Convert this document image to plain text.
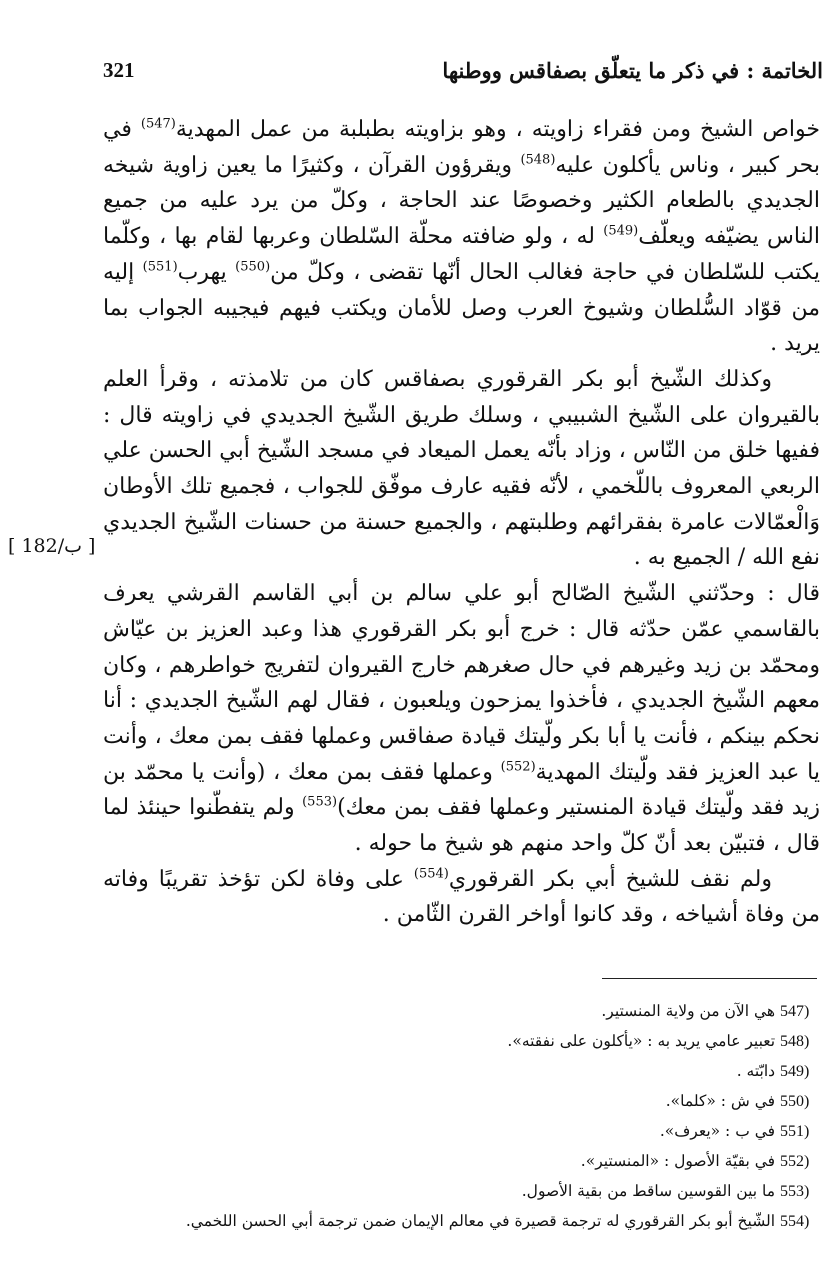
321	الخاتمة : في ذكر ما يتعلّق بصفاقس ووطنها

خواص الشيخ ومن فقراء زاويته ، وهو بزاويته بطبلبة من عمل المهدية$^{(547)}$ في بحر كبير ، وناس يأكلون عليه$^{(548)}$ ويقرؤون القرآن ، وكثيرًا ما يعين زاوية شيخه الجديدي بالطعام الكثير وخصوصًا عند الحاجة ، وكلّ من يرد عليه من جميع الناس يضيّفه ويعلّف$^{(549)}$ له ، ولو ضافته محلّة السّلطان وعربها لقام بها ، وكلّما يكتب للسّلطان في حاجة فغالب الحال أنّها تقضى ، وكلّ من$^{(550)}$ يهرب$^{(551)}$ إليه من قوّاد السُّلطان وشيوخ العرب وصل للأمان ويكتب فيهم فيجيبه الجواب بما يريد .

وكذلك الشّيخ أبو بكر القرقوري بصفاقس كان من تلامذته ، وقرأ العلم بالقيروان على الشّيخ الشبيبي ، وسلك طريق الشّيخ الجديدي في زاويته قال : ففيها خلق من النّاس ، وزاد بأنّه يعمل الميعاد في مسجد الشّيخ أبي الحسن علي الربعي المعروف باللّخمي ، لأنّه فقيه عارف موفّق للجواب ، فجميع تلك الأوطان وَالْعمّالات عامرة بفقرائهم وطلبتهم ، والجميع حسنة من حسنات الشّيخ الجديدي نفع الله / الجميع به .

قال : وحدّثني الشّيخ الصّالح أبو علي سالم بن أبي القاسم القرشي يعرف بالقاسمي عمّن حدّثه قال : خرج أبو بكر القرقوري هذا وعبد العزيز بن عيّاش ومحمّد بن زيد وغيرهم في حال صغرهم خارج القيروان لتفريج خواطرهم ، وكان معهم الشّيخ الجديدي ، فأخذوا يمزحون ويلعبون ، فقال لهم الشّيخ الجديدي : أنا نحكم بينكم ، فأنت يا أبا بكر ولّيتك قيادة صفاقس وعملها فقف بمن معك ، وأنت يا عبد العزيز فقد ولّيتك المهدية$^{(552)}$ وعملها فقف بمن معك ، (وأنت يا محمّد بن زيد فقد ولّيتك قيادة المنستير وعملها فقف بمن معك)$^{(553)}$ ولم يتفطّنوا حينئذ لما قال ، فتبيّن بعد أنّ كلّ واحد منهم هو شيخ ما حوله .

ولم نقف للشيخ أبي بكر القرقوري$^{(554)}$ على وفاة لكن تؤخذ تقريبًا وفاته من وفاة أشياخه ، وقد كانوا أواخر القرن الثّامن .

[ 182/ب ]
547) هي الآن من ولاية المنستير.
548) تعبير عامي يريد به : «يأكلون على نفقته».
549) دابّته .
550) في ش : «كلما».
551) في ب : «يعرف».
552) في بقيّة الأصول : «المنستير».
553) ما بين القوسين ساقط من بقية الأصول.
554) الشّيخ أبو بكر القرقوري له ترجمة قصيرة في معالم الإيمان ضمن ترجمة أبي الحسن اللخمي.
